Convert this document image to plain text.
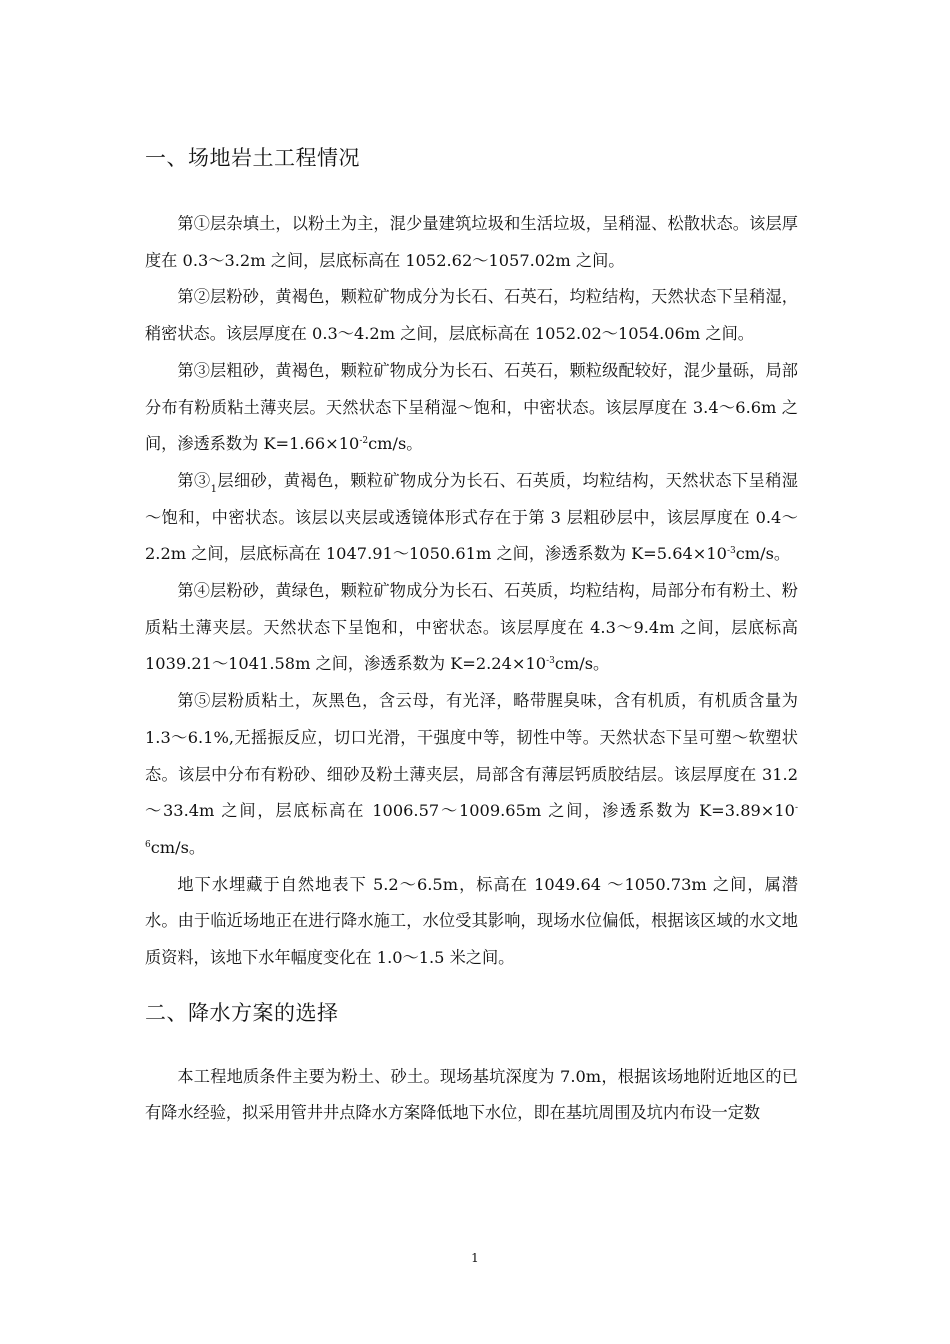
一、场地岩土工程情况

第①层杂填土，以粉土为主，混少量建筑垃圾和生活垃圾，呈稍湿、松散状态。该层厚度在 0.3～3.2m 之间，层底标高在 1052.62～1057.02m 之间。

第②层粉砂，黄褐色，颗粒矿物成分为长石、石英石，均粒结构，天然状态下呈稍湿，稍密状态。该层厚度在 0.3～4.2m 之间，层底标高在 1052.02～1054.06m 之间。

第③层粗砂，黄褐色，颗粒矿物成分为长石、石英石，颗粒级配较好，混少量砾，局部分布有粉质粘土薄夹层。天然状态下呈稍湿～饱和，中密状态。该层厚度在 3.4～6.6m 之间，渗透系数为 $K=1.66\times 10^{-2}cm/s$。

第$③_1$层细砂，黄褐色，颗粒矿物成分为长石、石英质，均粒结构，天然状态下呈稍湿～饱和，中密状态。该层以夹层或透镜体形式存在于第 3 层粗砂层中，该层厚度在 0.4～2.2m 之间，层底标高在 1047.91～1050.61m 之间，渗透系数为 $K=5.64\times 10^{-3}cm/s$。

第④层粉砂，黄绿色，颗粒矿物成分为长石、石英质，均粒结构，局部分布有粉土、粉质粘土薄夹层。天然状态下呈饱和，中密状态。该层厚度在 4.3～9.4m 之间，层底标高 1039.21～1041.58m 之间，渗透系数为 $K=2.24\times 10^{-3}cm/s$。

第⑤层粉质粘土，灰黑色，含云母，有光泽，略带腥臭味，含有机质，有机质含量为 1.3～6.1%,无摇振反应，切口光滑，干强度中等，韧性中等。天然状态下呈可塑～软塑状态。该层中分布有粉砂、细砂及粉土薄夹层，局部含有薄层钙质胶结层。该层厚度在 31.2～33.4m 之间，层底标高在 1006.57～1009.65m 之间，渗透系数为 $K=3.89\times 10^{-6}cm/s$。

地下水埋藏于自然地表下 5.2～6.5m，标高在 1049.64 ～1050.73m 之间，属潜水。由于临近场地正在进行降水施工，水位受其影响，现场水位偏低，根据该区域的水文地质资料，该地下水年幅度变化在 1.0～1.5 米之间。

二、降水方案的选择

本工程地质条件主要为粉土、砂土。现场基坑深度为 7.0m，根据该场地附近地区的已有降水经验，拟采用管井井点降水方案降低地下水位，即在基坑周围及坑内布设一定数

1
